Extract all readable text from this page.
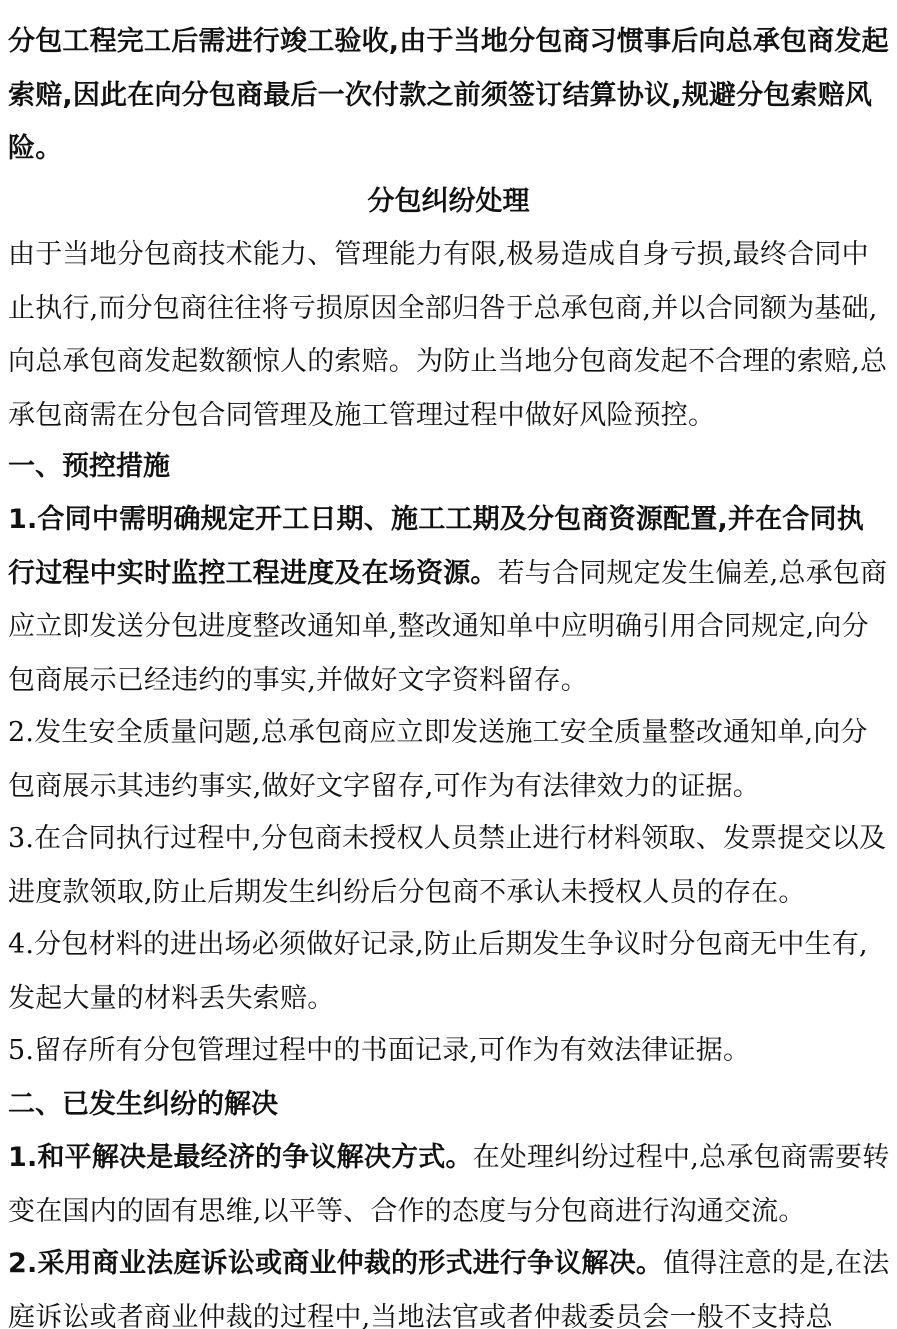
分包工程完工后需进行竣工验收,由于当地分包商习惯事后向总承包商发起索赔,因此在向分包商最后一次付款之前须签订结算协议,规避分包索赔风险。

分包纠纷处理

由于当地分包商技术能力、管理能力有限,极易造成自身亏损,最终合同中止执行,而分包商往往将亏损原因全部归咎于总承包商,并以合同额为基础,向总承包商发起数额惊人的索赔。为防止当地分包商发起不合理的索赔,总承包商需在分包合同管理及施工管理过程中做好风险预控。

一、预控措施

1.合同中需明确规定开工日期、施工工期及分包商资源配置,并在合同执行过程中实时监控工程进度及在场资源。若与合同规定发生偏差,总承包商应立即发送分包进度整改通知单,整改通知单中应明确引用合同规定,向分包商展示已经违约的事实,并做好文字资料留存。

2.发生安全质量问题,总承包商应立即发送施工安全质量整改通知单,向分包商展示其违约事实,做好文字留存,可作为有法律效力的证据。

3.在合同执行过程中,分包商未授权人员禁止进行材料领取、发票提交以及进度款领取,防止后期发生纠纷后分包商不承认未授权人员的存在。

4.分包材料的进出场必须做好记录,防止后期发生争议时分包商无中生有,发起大量的材料丢失索赔。

5.留存所有分包管理过程中的书面记录,可作为有效法律证据。

二、已发生纠纷的解决

1.和平解决是最经济的争议解决方式。在处理纠纷过程中,总承包商需要转变在国内的固有思维,以平等、合作的态度与分包商进行沟通交流。

2.采用商业法庭诉讼或商业仲裁的形式进行争议解决。值得注意的是,在法庭诉讼或者商业仲裁的过程中,当地法官或者仲裁委员会一般不支持总
